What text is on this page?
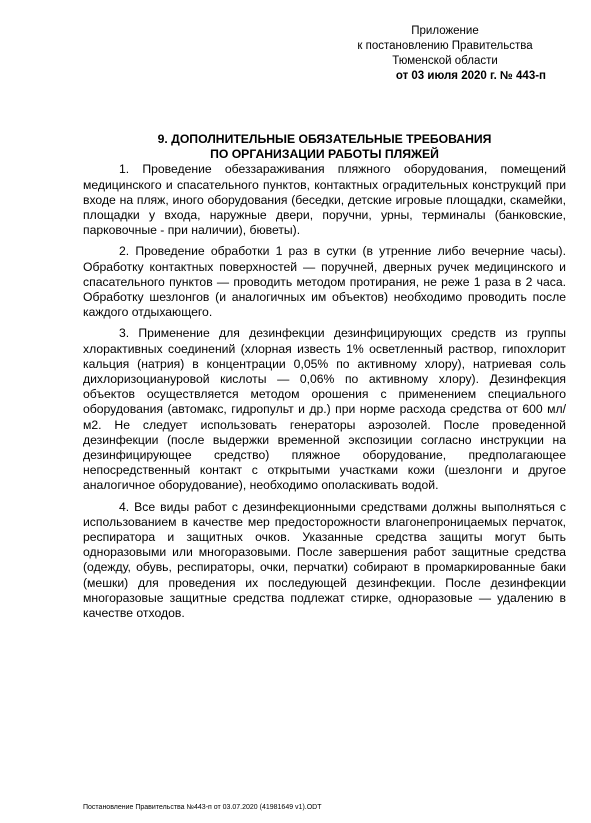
Приложение
к постановлению Правительства
Тюменской области
от 03 июля 2020 г. № 443-п
9. ДОПОЛНИТЕЛЬНЫЕ ОБЯЗАТЕЛЬНЫЕ ТРЕБОВАНИЯ
ПО ОРГАНИЗАЦИИ РАБОТЫ ПЛЯЖЕЙ

1. Проведение обеззараживания пляжного оборудования, помещений медицинского и спасательного пунктов, контактных оградительных конструкций при входе на пляж, иного оборудования (беседки, детские игровые площадки, скамейки, площадки у входа, наружные двери, поручни, урны, терминалы (банковские, парковочные - при наличии), бюветы).

2. Проведение обработки 1 раз в сутки (в утренние либо вечерние часы). Обработку контактных поверхностей — поручней, дверных ручек медицинского и спасательного пунктов — проводить методом протирания, не реже 1 раза в 2 часа. Обработку шезлонгов (и аналогичных им объектов) необходимо проводить после каждого отдыхающего.

3. Применение для дезинфекции дезинфицирующих средств из группы хлорактивных соединений (хлорная известь 1% осветленный раствор, гипохлорит кальция (натрия) в концентрации 0,05% по активному хлору), натриевая соль дихлоризоциануровой кислоты — 0,06% по активному хлору). Дезинфекция объектов осуществляется методом орошения с применением специального оборудования (автомакс, гидропульт и др.) при норме расхода средства от 600 мл/м2. Не следует использовать генераторы аэрозолей. После проведенной дезинфекции (после выдержки временной экспозиции согласно инструкции на дезинфицирующее средство) пляжное оборудование, предполагающее непосредственный контакт с открытыми участками кожи (шезлонги и другое аналогичное оборудование), необходимо ополаскивать водой.

4. Все виды работ с дезинфекционными средствами должны выполняться с использованием в качестве мер предосторожности влагонепроницаемых перчаток, респиратора и защитных очков. Указанные средства защиты могут быть одноразовыми или многоразовыми. После завершения работ защитные средства (одежду, обувь, респираторы, очки, перчатки) собирают в промаркированные баки (мешки) для проведения их последующей дезинфекции. После дезинфекции многоразовые защитные средства подлежат стирке, одноразовые — удалению в качестве отходов.

Постановление Правительства №443-п от 03.07.2020 (41981649 v1).ODT
